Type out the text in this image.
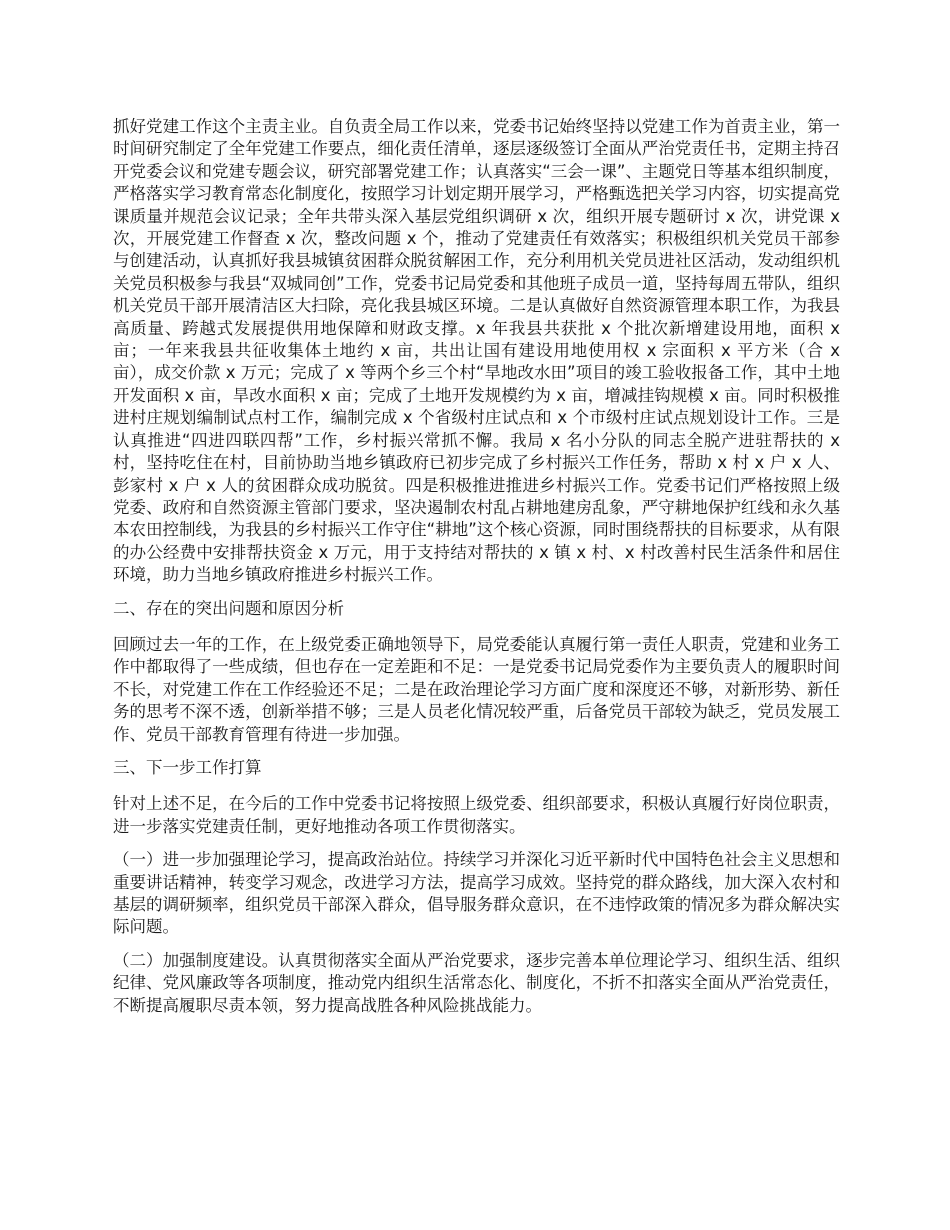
抓好党建工作这个主责主业。自负责全局工作以来，党委书记始终坚持以党建工作为首责主业，第一时间研究制定了全年党建工作要点，细化责任清单，逐层逐级签订全面从严治党责任书，定期主持召开党委会议和党建专题会议，研究部署党建工作；认真落实“三会一课”、主题党日等基本组织制度，严格落实学习教育常态化制度化，按照学习计划定期开展学习，严格甄选把关学习内容，切实提高党课质量并规范会议记录；全年共带头深入基层党组织调研 x 次，组织开展专题研讨 x 次，讲党课 x 次，开展党建工作督查 x 次，整改问题 x 个，推动了党建责任有效落实；积极组织机关党员干部参与创建活动，认真抓好我县城镇贫困群众脱贫解困工作，充分利用机关党员进社区活动，发动组织机关党员积极参与我县“双城同创”工作，党委书记局党委和其他班子成员一道，坚持每周五带队，组织机关党员干部开展清洁区大扫除，亮化我县城区环境。二是认真做好自然资源管理本职工作，为我县高质量、跨越式发展提供用地保障和财政支撑。x 年我县共获批 x 个批次新增建设用地，面积 x 亩；一年来我县共征收集体土地约 x 亩，共出让国有建设用地使用权 x 宗面积 x 平方米（合 x 亩），成交价款 x 万元；完成了 x 等两个乡三个村“旱地改水田”项目的竣工验收报备工作，其中土地开发面积 x 亩，旱改水面积 x 亩；完成了土地开发规模约为 x 亩，增减挂钩规模 x 亩。同时积极推进村庄规划编制试点村工作，编制完成 x 个省级村庄试点和 x 个市级村庄试点规划设计工作。三是认真推进“四进四联四帮”工作，乡村振兴常抓不懈。我局 x 名小分队的同志全脱产进驻帮扶的 x 村，坚持吃住在村，目前协助当地乡镇政府已初步完成了乡村振兴工作任务，帮助 x 村 x 户 x 人、彭家村 x 户 x 人的贫困群众成功脱贫。四是积极推进推进乡村振兴工作。党委书记们严格按照上级党委、政府和自然资源主管部门要求，坚决遏制农村乱占耕地建房乱象，严守耕地保护红线和永久基本农田控制线，为我县的乡村振兴工作守住“耕地”这个核心资源，同时围绕帮扶的目标要求，从有限的办公经费中安排帮扶资金 x 万元，用于支持结对帮扶的 x 镇 x 村、x 村改善村民生活条件和居住环境，助力当地乡镇政府推进乡村振兴工作。

二、存在的突出问题和原因分析

回顾过去一年的工作，在上级党委正确地领导下，局党委能认真履行第一责任人职责，党建和业务工作中都取得了一些成绩，但也存在一定差距和不足：一是党委书记局党委作为主要负责人的履职时间不长，对党建工作在工作经验还不足；二是在政治理论学习方面广度和深度还不够，对新形势、新任务的思考不深不透，创新举措不够；三是人员老化情况较严重，后备党员干部较为缺乏，党员发展工作、党员干部教育管理有待进一步加强。

三、下一步工作打算

针对上述不足，在今后的工作中党委书记将按照上级党委、组织部要求，积极认真履行好岗位职责，进一步落实党建责任制，更好地推动各项工作贯彻落实。

（一）进一步加强理论学习，提高政治站位。持续学习并深化习近平新时代中国特色社会主义思想和重要讲话精神，转变学习观念，改进学习方法，提高学习成效。坚持党的群众路线，加大深入农村和基层的调研频率，组织党员干部深入群众，倡导服务群众意识，在不违悖政策的情况多为群众解决实际问题。

（二）加强制度建设。认真贯彻落实全面从严治党要求，逐步完善本单位理论学习、组织生活、组织纪律、党风廉政等各项制度，推动党内组织生活常态化、制度化，不折不扣落实全面从严治党责任，不断提高履职尽责本领，努力提高战胜各种风险挑战能力。
